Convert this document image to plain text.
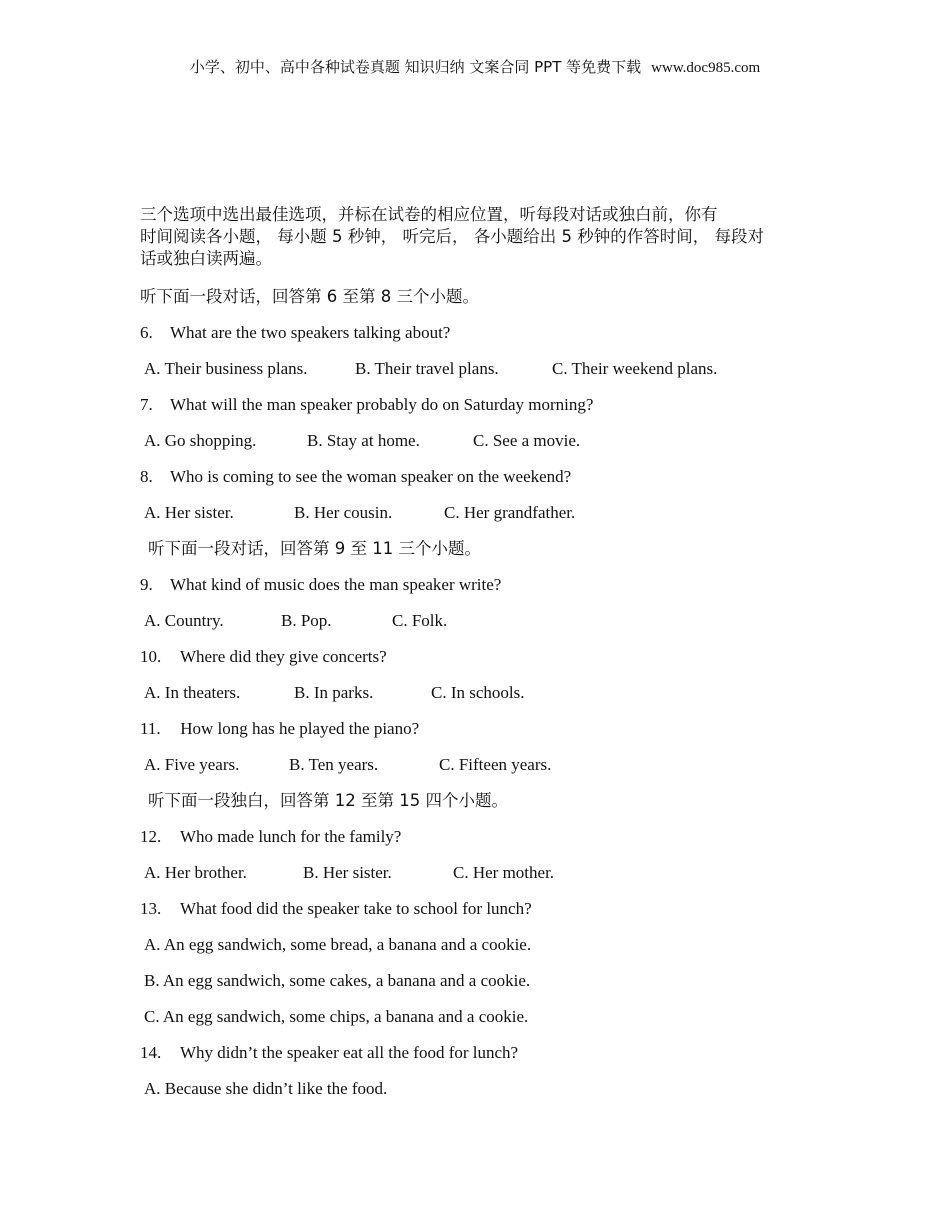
小学、初中、高中各种试卷真题 知识归纳 文案合同 PPT 等免费下载 www.doc985.com
三个选项中选出最佳选项，并标在试卷的相应位置，听每段对话或独白前，你有
时间阅读各小题， 每小题 5 秒钟， 听完后， 各小题给出 5 秒钟的作答时间， 每段对
话或独白读两遍。
听下面一段对话，回答第 6 至第 8 三个小题。
6. What are the two speakers talking about?
A. Their business plans.	B. Their travel plans.	C. Their weekend plans.
7. What will the man speaker probably do on Saturday morning?
A. Go shopping.	B. Stay at home.	C. See a movie.
8. Who is coming to see the woman speaker on the weekend?
A. Her sister.	B. Her cousin.	C. Her grandfather.
听下面一段对话，回答第 9 至 11 三个小题。
9. What kind of music does the man speaker write?
A. Country.	B. Pop.	C. Folk.
10. Where did they give concerts?
A. In theaters.	B. In parks.	C. In schools.
11. How long has he played the piano?
A. Five years.	B. Ten years.	C. Fifteen years.
听下面一段独白，回答第 12 至第 15 四个小题。
12. Who made lunch for the family?
A. Her brother.	B. Her sister.	C. Her mother.
13. What food did the speaker take to school for lunch?
A. An egg sandwich, some bread, a banana and a cookie.
B. An egg sandwich, some cakes, a banana and a cookie.
C. An egg sandwich, some chips, a banana and a cookie.
14. Why didn’t the speaker eat all the food for lunch?
A. Because she didn’t like the food.
